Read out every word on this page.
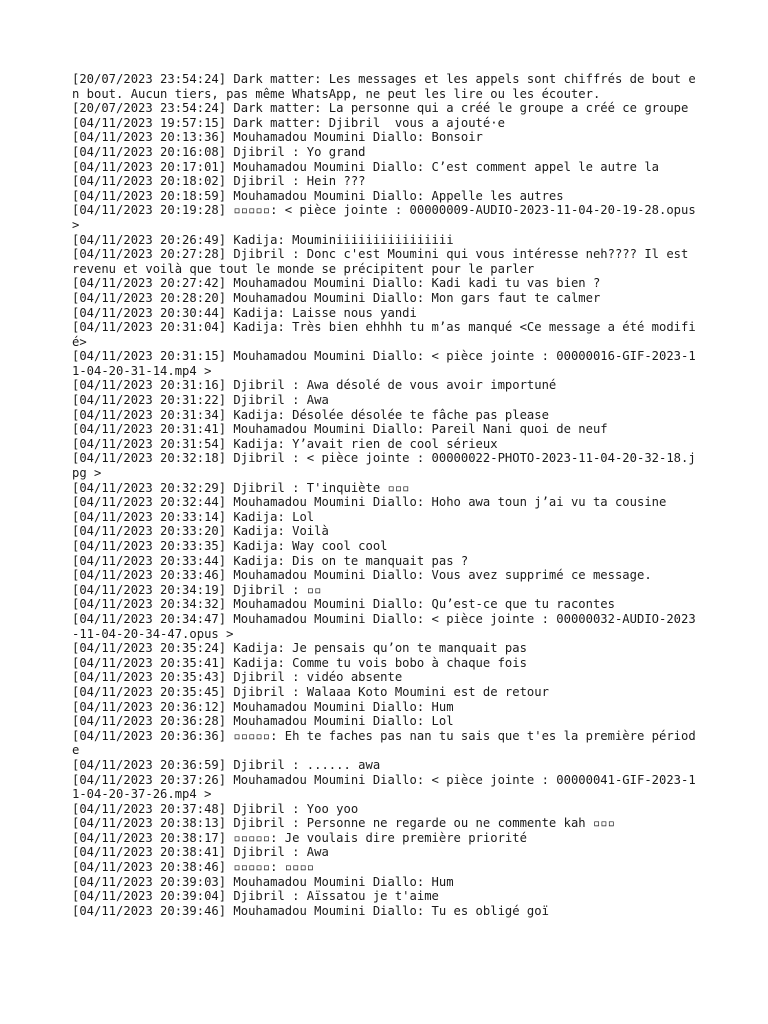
[20/07/2023 23:54:24] Dark matter: Les messages et les appels sont chiffrés de bout en bout. Aucun tiers, pas même WhatsApp, ne peut les lire ou les écouter.
[20/07/2023 23:54:24] Dark matter: La personne qui a créé le groupe a créé ce groupe
[04/11/2023 19:57:15] Dark matter: Djibril  vous a ajouté·e
[04/11/2023 20:13:36] Mouhamadou Moumini Diallo: Bonsoir
[04/11/2023 20:16:08] Djibril : Yo grand
[04/11/2023 20:17:01] Mouhamadou Moumini Diallo: C’est comment appel le autre la
[04/11/2023 20:18:02] Djibril : Hein ???
[04/11/2023 20:18:59] Mouhamadou Moumini Diallo: Appelle les autres
[04/11/2023 20:19:28] ▫▫▫▫▫: < pièce jointe : 00000009-AUDIO-2023-11-04-20-19-28.opus >
[04/11/2023 20:26:49] Kadija: Mouminiiiiiiiiiiiiiiii
[04/11/2023 20:27:28] Djibril : Donc c'est Moumini qui vous intéresse neh???? Il est revenu et voilà que tout le monde se précipitent pour le parler
[04/11/2023 20:27:42] Mouhamadou Moumini Diallo: Kadi kadi tu vas bien ?
[04/11/2023 20:28:20] Mouhamadou Moumini Diallo: Mon gars faut te calmer
[04/11/2023 20:30:44] Kadija: Laisse nous yandi
[04/11/2023 20:31:04] Kadija: Très bien ehhhh tu m’as manqué <Ce message a été modifié>
[04/11/2023 20:31:15] Mouhamadou Moumini Diallo: < pièce jointe : 00000016-GIF-2023-11-04-20-31-14.mp4 >
[04/11/2023 20:31:16] Djibril : Awa désolé de vous avoir importuné
[04/11/2023 20:31:22] Djibril : Awa
[04/11/2023 20:31:34] Kadija: Désolée désolée te fâche pas please
[04/11/2023 20:31:41] Mouhamadou Moumini Diallo: Pareil Nani quoi de neuf
[04/11/2023 20:31:54] Kadija: Y’avait rien de cool sérieux
[04/11/2023 20:32:18] Djibril : < pièce jointe : 00000022-PHOTO-2023-11-04-20-32-18.jpg >
[04/11/2023 20:32:29] Djibril : T'inquiète ▫▫▫
[04/11/2023 20:32:44] Mouhamadou Moumini Diallo: Hoho awa toun j’ai vu ta cousine
[04/11/2023 20:33:14] Kadija: Lol
[04/11/2023 20:33:20] Kadija: Voilà
[04/11/2023 20:33:35] Kadija: Way cool cool
[04/11/2023 20:33:44] Kadija: Dis on te manquait pas ?
[04/11/2023 20:33:46] Mouhamadou Moumini Diallo: Vous avez supprimé ce message.
[04/11/2023 20:34:19] Djibril : ▫▫
[04/11/2023 20:34:32] Mouhamadou Moumini Diallo: Qu’est-ce que tu racontes
[04/11/2023 20:34:47] Mouhamadou Moumini Diallo: < pièce jointe : 00000032-AUDIO-2023-11-04-20-34-47.opus >
[04/11/2023 20:35:24] Kadija: Je pensais qu’on te manquait pas
[04/11/2023 20:35:41] Kadija: Comme tu vois bobo à chaque fois
[04/11/2023 20:35:43] Djibril : vidéo absente
[04/11/2023 20:35:45] Djibril : Walaaa Koto Moumini est de retour
[04/11/2023 20:36:12] Mouhamadou Moumini Diallo: Hum
[04/11/2023 20:36:28] Mouhamadou Moumini Diallo: Lol
[04/11/2023 20:36:36] ▫▫▫▫▫: Eh te faches pas nan tu sais que t'es la première période
[04/11/2023 20:36:59] Djibril : ...... awa
[04/11/2023 20:37:26] Mouhamadou Moumini Diallo: < pièce jointe : 00000041-GIF-2023-11-04-20-37-26.mp4 >
[04/11/2023 20:37:48] Djibril : Yoo yoo
[04/11/2023 20:38:13] Djibril : Personne ne regarde ou ne commente kah ▫▫▫
[04/11/2023 20:38:17] ▫▫▫▫▫: Je voulais dire première priorité
[04/11/2023 20:38:41] Djibril : Awa
[04/11/2023 20:38:46] ▫▫▫▫▫: ▫▫▫▫
[04/11/2023 20:39:03] Mouhamadou Moumini Diallo: Hum
[04/11/2023 20:39:04] Djibril : Aïssatou je t'aime
[04/11/2023 20:39:46] Mouhamadou Moumini Diallo: Tu es obligé goï
